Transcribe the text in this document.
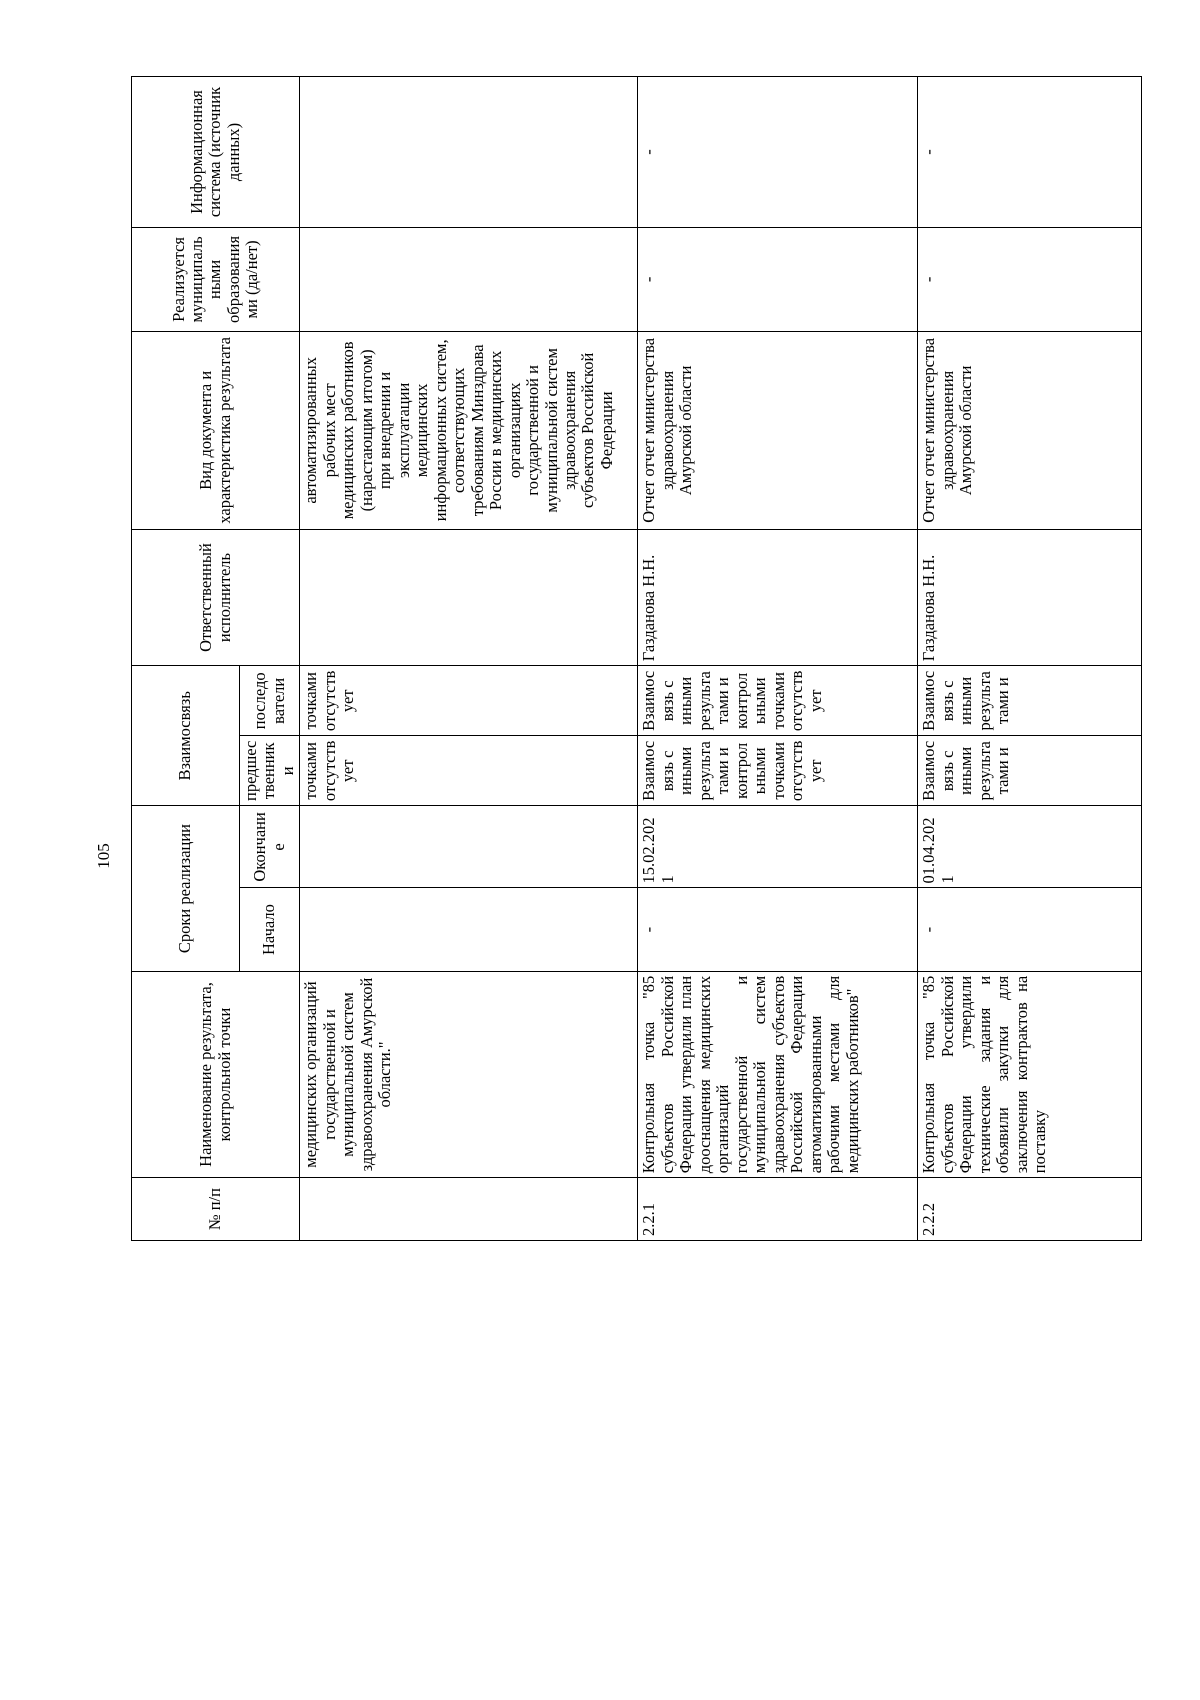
105
№ п/п	Наименование результата, контрольной точки	Сроки реализации		Взаимосвязь		Ответственный исполнитель	Вид документа и характеристика результата	Реализуется муниципальными образованиями (да/нет)	Информационная система (источник данных)
		Начало	Окончание	предшественники	последователи				
	медицинских организаций государственной и муниципальной систем здравоохранения Амурской области."			точками отсутствует	точками отсутствует		автоматизированных рабочих мест медицинских работников (нарастающим итогом) при внедрении и эксплуатации медицинских информационных систем, соответствующих требованиям Минздрава России в медицинских организациях государственной и муниципальной систем здравоохранения субъектов Российской Федерации		
2.2.1	Контрольная точка "85 субъектов Российской Федерации утвердили план дооснащения медицинских организаций государственной и муниципальной систем здравоохранения субъектов Российской Федерации автоматизированными рабочими местами для медицинских работников"	-	15.02.2021	Взаимосвязь с иными результатами и контрольными точками отсутствует	Взаимосвязь с иными результатами и контрольными точками отсутствует	Газданова Н.Н.	Отчет отчет министерства здравоохранения Амурской области	-	-
2.2.2	Контрольная точка "85 субъектов Российской Федерации утвердили технические задания и объявили закупки для заключения контрактов на поставку	-	01.04.2021	Взаимосвязь с иными результатами и	Взаимосвязь с иными результатами и	Газданова Н.Н.	Отчет отчет министерства здравоохранения Амурской области	-	-
